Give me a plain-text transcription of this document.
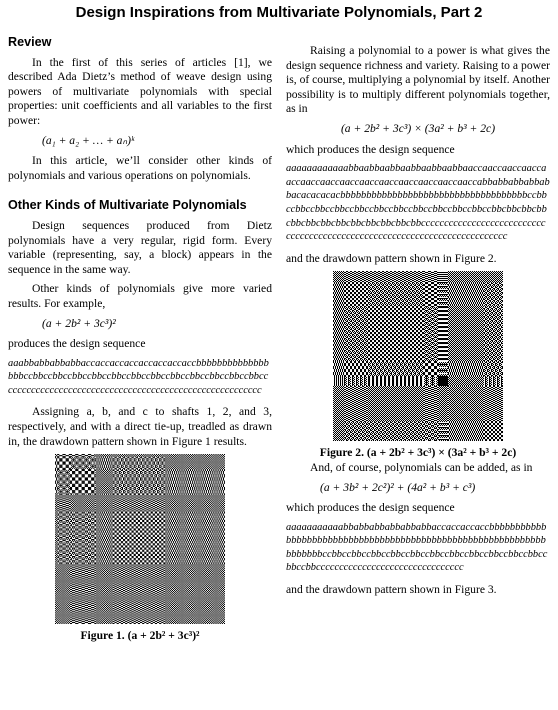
Design Inspirations from Multivariate Polynomials, Part 2
Review

In the first of this series of articles [1], we described Ada Dietz’s method of weave design using powers of multivariate polynomials with special properties: unit coefficients and all variables to the first power:

(a₁ + a₂ + … + aₙ)ᵏ

In this article, we’ll consider other kinds of polynomials and various operations on polynomials.

Other Kinds of Multivariate Polynomials

Design sequences produced from Dietz polynomials have a very regular, rigid form. Every variable (representing, say, a block) appears in the sequence in the same way.

Other kinds of polynomials give more varied results. For example,

(a + 2b² + 3c³)²

produces the design sequence

aaabbabbabbabbaccaccaccaccaccaccaccaccbbbbbbbbbbbbbbbbbccbbccbbccbbccbbccbbccbbccbbccbbccbbccbbccbbccbbccccccccccccccccccccccccccccccccccccccccccccccccccccccccc

Assigning a, b, and c to shafts 1, 2, and 3, respectively, and with a direct tie-up, treadled as drawn in, the drawdown pattern shown in Figure 1 results.

Figure 1. (a + 2b² + 3c³)²

Raising a polynomial to a power is what gives the design sequence richness and variety. Raising to a power is, of course, multiplying a polynomial by itself. Another possibility is to multiply different polynomials together, as in

(a + 2b² + 3c³) × (3a² + b³ + 2c)

which produces the design sequence

aaaaaaaaaaaabbaabbaabbaabbaabbaabbaaccaaccaaccaaccaaccaaccaaccaaccaaccaaccaaccaaccaaccaaccabbabbabbabbabbacacacacacbbbbbbbbbbbbbbbbbbbbbbbbbbbbbbbbbbbbccbbccbbccbbccbbccbbccbbccbbccbbccbbccbbccbbccbbcbbcbbcbbcbbcbbcbbcbbcbbcbbcbbcbbcbbccccccccccccccccccccccccccccccccccccccccccccccccccccccccccccccccccccccccccc

and the drawdown pattern shown in Figure 2.

Figure 2. (a + 2b² + 3c³) × (3a² + b³ + 2c)

And, of course, polynomials can be added, as in

(a + 3b² + 2c²)² + (4a² + b³ + c³)

which produces the design sequence

aaaaaaaaaaabbabbabbabbabbabbaccaccaccaccbbbbbbbbbbbbbbbbbbbbbbbbbbbbbbbbbbbbbbbbbbbbbbbbbbbbbbbbbbbbbbbbbbbbccbbccbbccbbccbbccbbccbbccbbccbbccbbccbbccbbccbbccbbcccccccccccccccccccccccccccccccc

and the drawdown pattern shown in Figure 3.
